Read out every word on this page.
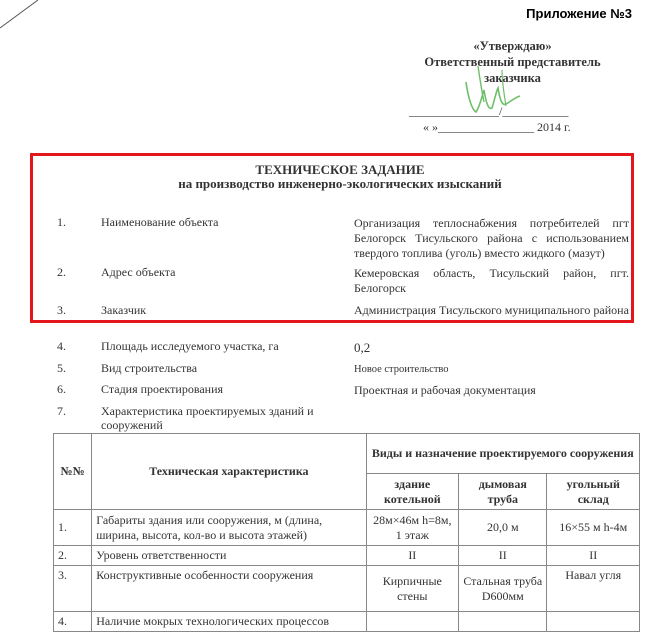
Приложение №3
«Утверждаю»
Ответственный представитель
заказчика
_______________/___________
« »________________ 2014 г.
ТЕХНИЧЕСКОЕ ЗАДАНИЕ
на производство инженерно-экологических изысканий
1.	Наименование объекта	Организация теплоснабжения потребителей пгт Белогорск Тисульского района с использованием твердого топлива (уголь) вместо жидкого (мазут)
2.	Адрес объекта	Кемеровская область, Тисульский район, пгт. Белогорск
3.	Заказчик	Администрация Тисульского муниципального района
4.	Площадь исследуемого участка, га	0,2
5.	Вид строительства	Новое строительство
6.	Стадия проектирования	Проектная и рабочая документация
7.	Характеристика проектируемых зданий и сооружений
№№	Техническая характеристика	Виды и назначение проектируемого сооружения		
		здание котельной	дымовая труба	угольный склад
1.	Габариты здания или сооружения, м (длина, ширина, высота, кол-во и высота этажей)	28м×46м h=8м, 1 этаж	20,0 м	16×55 м h-4м
2.	Уровень ответственности	II	II	II
3.	Конструктивные особенности сооружения	Кирпичные стены	Стальная труба D600мм	Навал угля
4.	Наличие мокрых технологических процессов			
